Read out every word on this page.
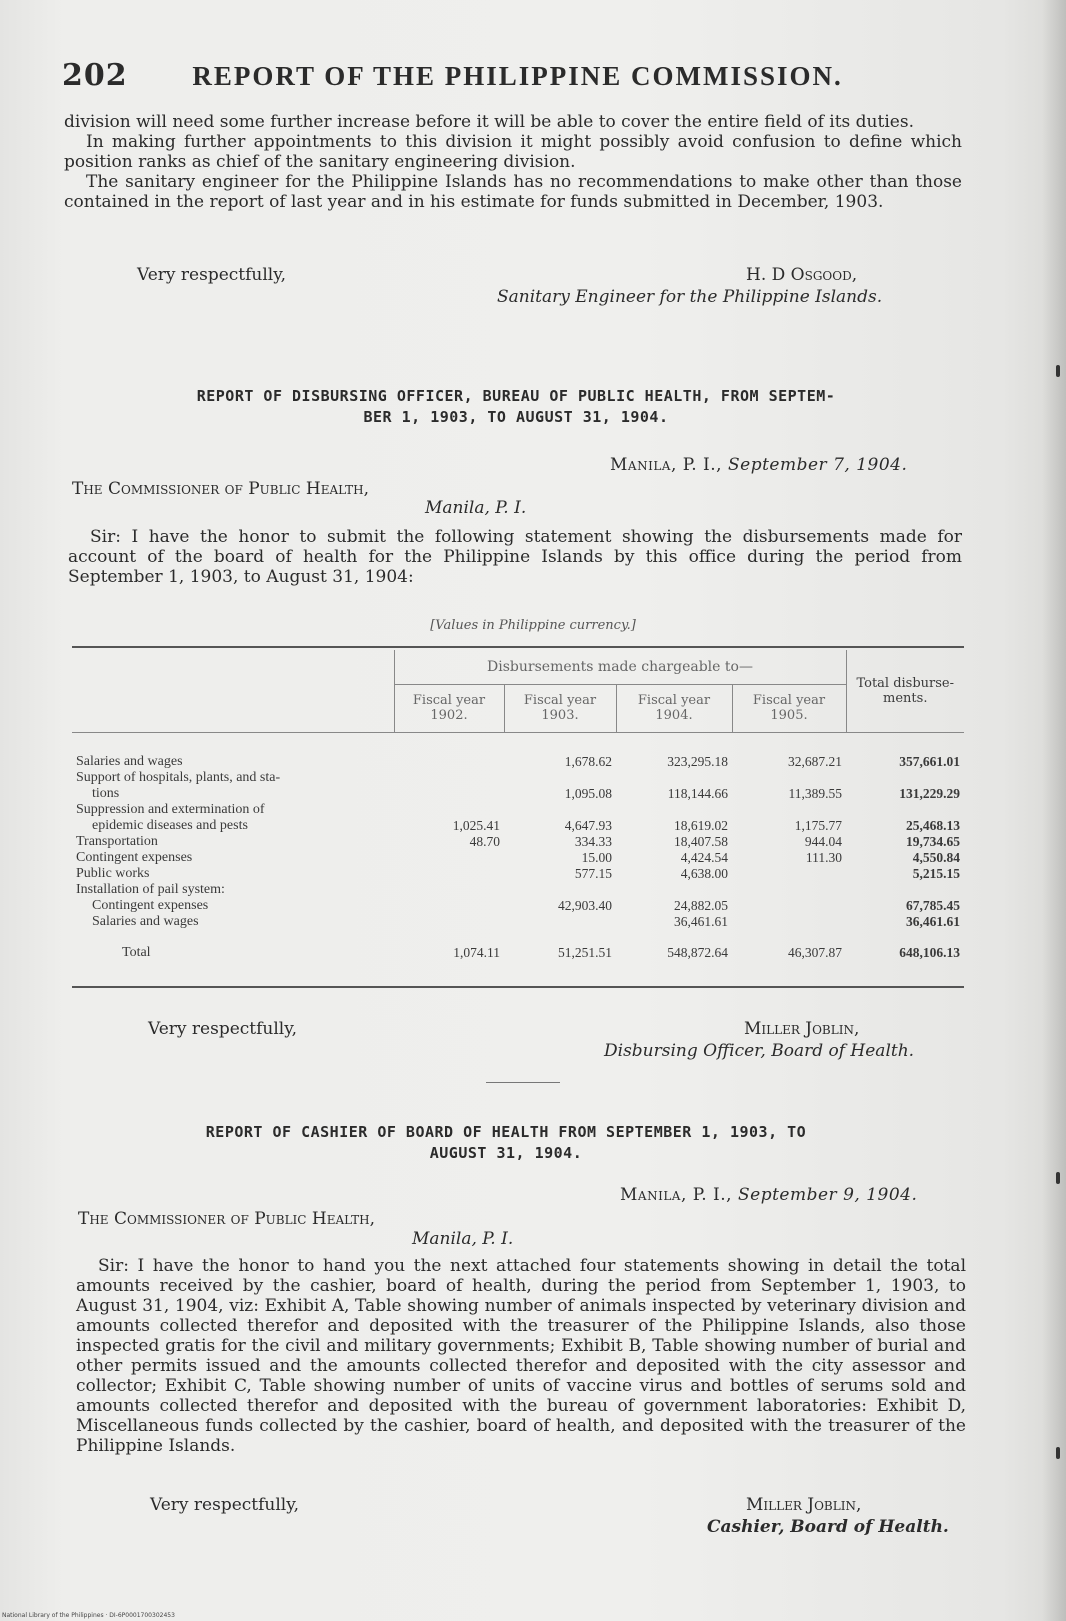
202 REPORT OF THE PHILIPPINE COMMISSION.

division will need some further increase before it will be able to cover the entire field of its duties.

In making further appointments to this division it might possibly avoid confusion to define which position ranks as chief of the sanitary engineering division.

The sanitary engineer for the Philippine Islands has no recommendations to make other than those contained in the report of last year and in his estimate for funds submitted in December, 1903.

Very respectfully,	H. D Osgood,
Sanitary Engineer for the Philippine Islands.
REPORT OF DISBURSING OFFICER, BUREAU OF PUBLIC HEALTH, FROM SEPTEM-
BER 1, 1903, TO AUGUST 31, 1904.
Manila, P. I., September 7, 1904.
The Commissioner of Public Health,
Manila, P. I.

Sir: I have the honor to submit the following statement showing the disbursements made for account of the board of health for the Philippine Islands by this office during the period from September 1, 1903, to August 31, 1904:

[Values in Philippine currency.]
	Disbursements made chargeable to—				Total disburse- ments.
	Fiscal year 1902.	Fiscal year 1903.	Fiscal year 1904.	Fiscal year 1905.	

Salaries and wages		1,678.62	323,295.18	32,687.21	357,661.01
Support of hospitals, plants, and sta-					
tions		1,095.08	118,144.66	11,389.55	131,229.29
Suppression and extermination of					
epidemic diseases and pests	1,025.41	4,647.93	18,619.02	1,175.77	25,468.13
Transportation	48.70	334.33	18,407.58	944.04	19,734.65
Contingent expenses		15.00	4,424.54	111.30	4,550.84
Public works		577.15	4,638.00		5,215.15
Installation of pail system:					
Contingent expenses		42,903.40	24,882.05		67,785.45
Salaries and wages			36,461.61		36,461.61

Total	1,074.11	51,251.51	548,872.64	46,307.87	648,106.13
Very respectfully,	Miller Joblin,
Disbursing Officer, Board of Health.
REPORT OF CASHIER OF BOARD OF HEALTH FROM SEPTEMBER 1, 1903, TO
AUGUST 31, 1904.
Manila, P. I., September 9, 1904.
The Commissioner of Public Health,
Manila, P. I.

Sir: I have the honor to hand you the next attached four statements showing in detail the total amounts received by the cashier, board of health, during the period from September 1, 1903, to August 31, 1904, viz: Exhibit A, Table showing number of animals inspected by veterinary division and amounts collected therefor and deposited with the treasurer of the Philippine Islands, also those inspected gratis for the civil and military governments; Exhibit B, Table showing number of burial and other permits issued and the amounts collected therefor and deposited with the city assessor and collector; Exhibit C, Table showing number of units of vaccine virus and bottles of serums sold and amounts collected therefor and deposited with the bureau of government laboratories: Exhibit D, Miscellaneous funds collected by the cashier, board of health, and deposited with the treasurer of the Philippine Islands.

Very respectfully,	Miller Joblin,
Cashier, Board of Health.
National Library of the Philippines · DI-6P0001700302453
